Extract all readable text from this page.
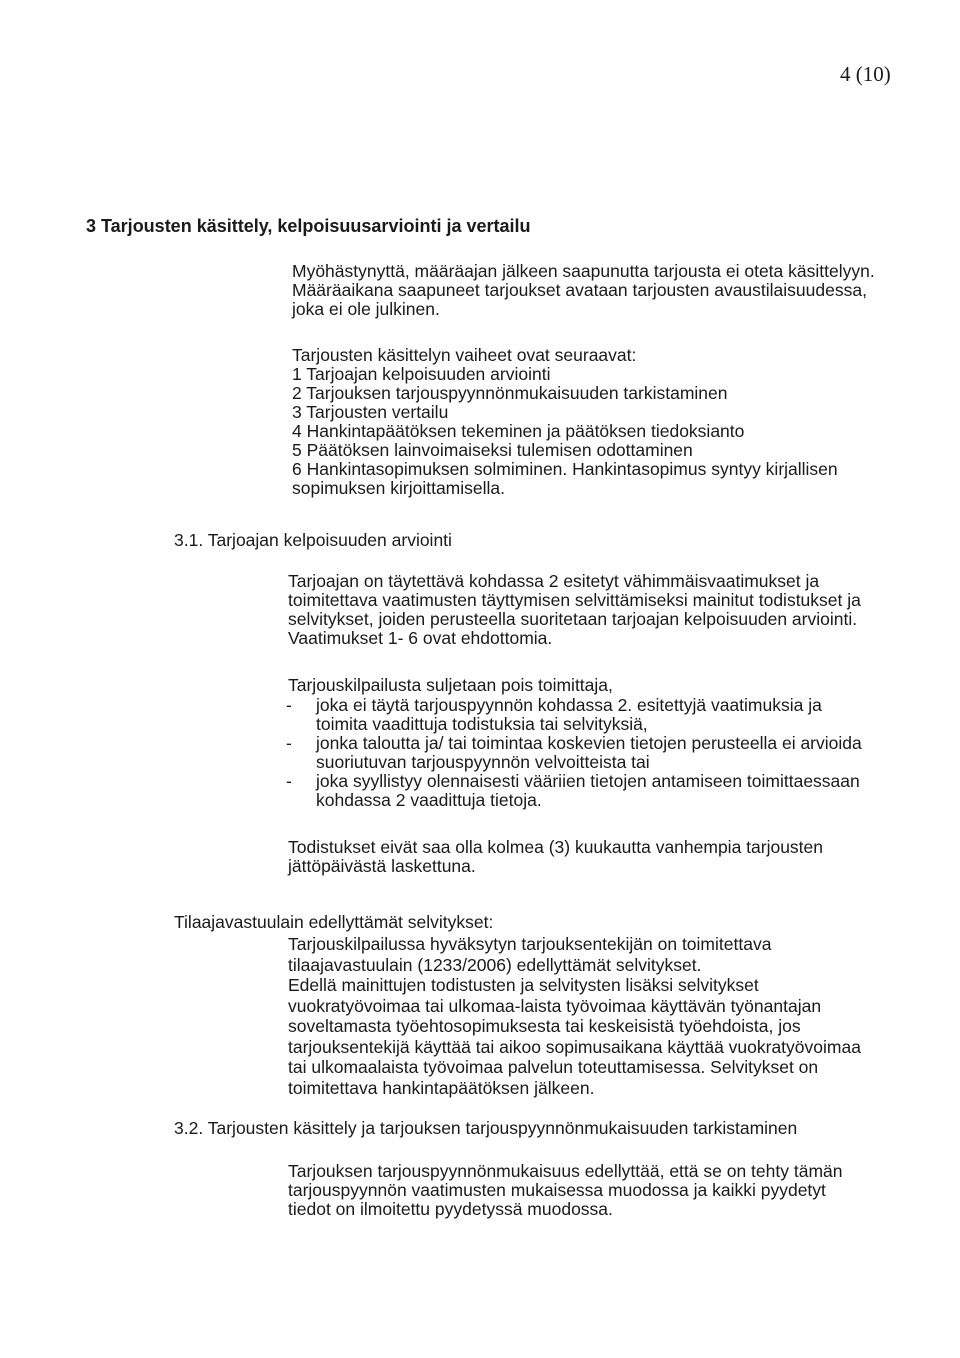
4 (10)
3 Tarjousten käsittely, kelpoisuusarviointi ja vertailu
Myöhästynyttä, määräajan jälkeen saapunutta tarjousta ei oteta käsittelyyn.
Määräaikana saapuneet tarjoukset avataan tarjousten avaustilaisuudessa,
joka ei ole julkinen.
Tarjousten käsittelyn vaiheet ovat seuraavat:
1 Tarjoajan kelpoisuuden arviointi
2 Tarjouksen tarjouspyynnönmukaisuuden tarkistaminen
3 Tarjousten vertailu
4 Hankintapäätöksen tekeminen ja päätöksen tiedoksianto
5 Päätöksen lainvoimaiseksi tulemisen odottaminen
6 Hankintasopimuksen solmiminen. Hankintasopimus syntyy kirjallisen
sopimuksen kirjoittamisella.
3.1. Tarjoajan kelpoisuuden arviointi
Tarjoajan on täytettävä kohdassa 2 esitetyt vähimmäisvaatimukset ja
toimitettava vaatimusten täyttymisen selvittämiseksi mainitut todistukset ja
selvitykset, joiden perusteella suoritetaan tarjoajan kelpoisuuden arviointi.
Vaatimukset 1- 6 ovat ehdottomia.
Tarjouskilpailusta suljetaan pois toimittaja,
- joka ei täytä tarjouspyynnön kohdassa 2. esitettyjä vaatimuksia ja
toimita vaadittuja todistuksia tai selvityksiä,
- jonka taloutta ja/ tai toimintaa koskevien tietojen perusteella ei arvioida
suoriutuvan tarjouspyynnön velvoitteista tai
- joka syyllistyy olennaisesti vääriien tietojen antamiseen toimittaessaan
kohdassa 2 vaadittuja tietoja.
Todistukset eivät saa olla kolmea (3) kuukautta vanhempia tarjousten
jättöpäivästä laskettuna.
Tilaajavastuulain edellyttämät selvitykset:
Tarjouskilpailussa hyväksytyn tarjouksentekijän on toimitettava
tilaajavastuulain (1233/2006) edellyttämät selvitykset.
Edellä mainittujen todistusten ja selvitysten lisäksi selvitykset
vuokratyövoimaa tai ulkomaa-laista työvoimaa käyttävän työnantajan
soveltamasta työehtosopimuksesta tai keskeisistä työehdoista, jos
tarjouksentekijä käyttää tai aikoo sopimusaikana käyttää vuokratyövoimaa
tai ulkomaalaista työvoimaa palvelun toteuttamisessa. Selvitykset on
toimitettava hankintapäätöksen jälkeen.
3.2. Tarjousten käsittely ja tarjouksen tarjouspyynnönmukaisuuden tarkistaminen
Tarjouksen tarjouspyynnönmukaisuus edellyttää, että se on tehty tämän
tarjouspyynnön vaatimusten mukaisessa muodossa ja kaikki pyydetyt
tiedot on ilmoitettu pyydetyssä muodossa.
